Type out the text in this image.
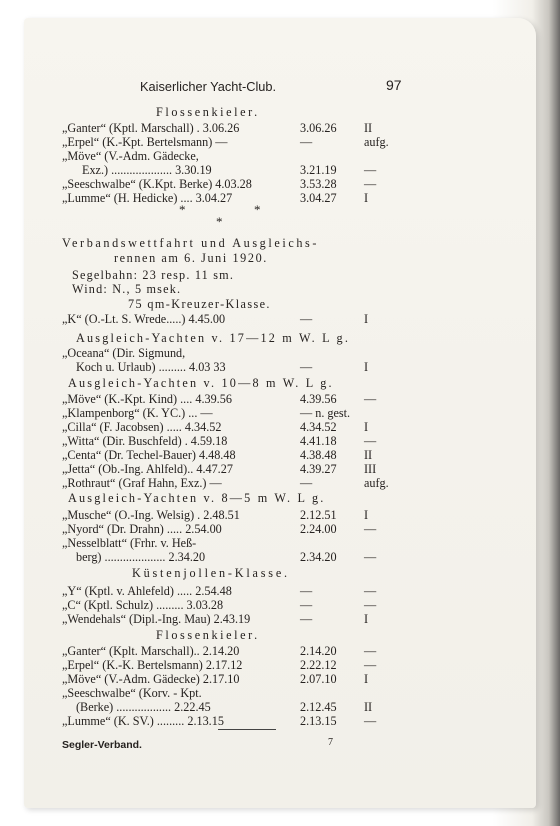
Kaiserlicher Yacht-Club.	97
Flossenkieler.
„Ganter“ (Kptl. Marschall) . 3.06.26	3.06.26 II
„Erpel“ (K.-Kpt. Bertelsmann) —	—	aufg.
„Möve“ (V.-Adm. Gädecke,
Exz.) .................... 3.30.19	3.21.19 —
„Seeschwalbe“ (K.Kpt. Berke) 4.03.28	3.53.28 —
„Lumme“ (H. Hedicke) .... 3.04.27	3.04.27 I
*	*
*
Verbandswettfahrt und Ausgleichs-
rennen am 6. Juni 1920.
Segelbahn: 23 resp. 11 sm.
Wind: N., 5 msek.
75 qm-Kreuzer-Klasse.
„K“ (O.-Lt. S. Wrede.....) 4.45.00	—	I
Ausgleich-Yachten v. 17—12 m W. L g.
„Oceana“ (Dir. Sigmund,
Koch u. Urlaub) ......... 4.03 33	—	I
Ausgleich-Yachten v. 10—8 m W. L g.
„Möve“ (K.-Kpt. Kind) .... 4.39.56	4.39.56 —
„Klampenborg“ (K. YC.) ... —	— n. gest.
„Cilla“ (F. Jacobsen) ..... 4.34.52	4.34.52 I
„Witta“ (Dir. Buschfeld) . 4.59.18	4.41.18 —
„Centa“ (Dr. Techel-Bauer) 4.48.48	4.38.48 II
„Jetta“ (Ob.-Ing. Ahlfeld).. 4.47.27	4.39.27 III
„Rothraut“ (Graf Hahn, Exz.) —	—	aufg.
Ausgleich-Yachten v. 8—5 m W. L g.
„Musche“ (O.-Ing. Welsig) . 2.48.51	2.12.51 I
„Nyord“ (Dr. Drahn) ..... 2.54.00	2.24.00 —
„Nesselblatt“ (Frhr. v. Heß-
berg) .................... 2.34.20	2.34.20 —
Küstenjollen-Klasse.
„Y“ (Kptl. v. Ahlefeld) ..... 2.54.48	—	—
„C“ (Kptl. Schulz) ......... 3.03.28	—	—
„Wendehals“ (Dipl.-Ing. Mau) 2.43.19	—	I
Flossenkieler.
„Ganter“ (Kplt. Marschall).. 2.14.20	2.14.20 —
„Erpel“ (K.-K. Bertelsmann) 2.17.12	2.22.12 —
„Möve“ (V.-Adm. Gädecke) 2.17.10	2.07.10 I
„Seeschwalbe“ (Korv. - Kpt.
(Berke) .................. 2.22.45	2.12.45 II
„Lumme“ (K. SV.) ......... 2.13.15	2.13.15 —
Segler-Verband.	7
